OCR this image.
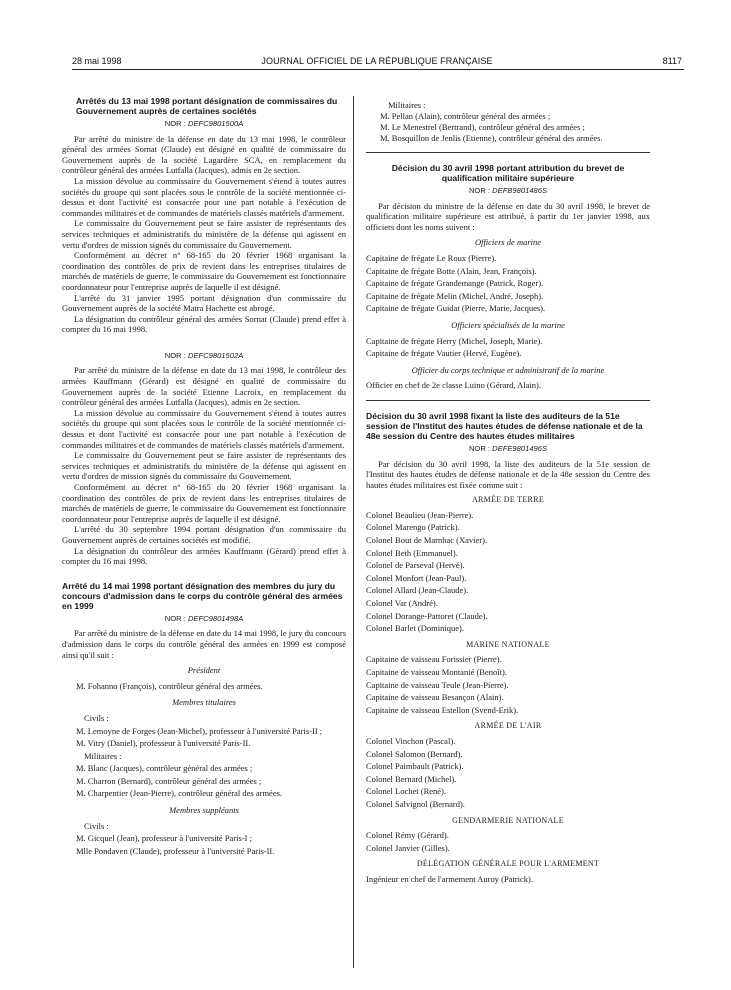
28 mai 1998	JOURNAL OFFICIEL DE LA RÉPUBLIQUE FRANÇAISE	8117
Arrêtés du 13 mai 1998 portant désignation de commissaires du Gouvernement auprès de certaines sociétés
NOR : DEFC9801500A

Par arrêté du ministre de la défense en date du 13 mai 1998, le contrôleur général des armées Sornat (Claude) est désigné en qualité de commissaire du Gouvernement auprès de la société Lagardère SCA, en remplacement du contrôleur général des armées Lutfalla (Jacques), admis en 2e section.

La mission dévolue au commissaire du Gouvernement s'étend à toutes autres sociétés du groupe qui sont placées sous le contrôle de la société mentionnée ci-dessus et dont l'activité est consacrée pour une part notable à l'exécution de commandes militaires et de commandes de matériels classés matériels d'armement.

Le commissaire du Gouvernement peut se faire assister de représentants des services techniques et administratifs du ministère de la défense qui agissent en vertu d'ordres de mission signés du commissaire du Gouvernement.

Conformément au décret n° 68-165 du 20 février 1968 organisant la coordination des contrôles de prix de revient dans les entreprises titulaires de marchés de matériels de guerre, le commissaire du Gouvernement est fonctionnaire coordonnateur pour l'entreprise auprès de laquelle il est désigné.

L'arrêté du 31 janvier 1995 portant désignation d'un commissaire du Gouvernement auprès de la société Matra Hachette est abrogé.

La désignation du contrôleur général des armées Sornat (Claude) prend effet à compter du 16 mai 1998.

NOR : DEFC9801502A

Par arrêté du ministre de la défense en date du 13 mai 1998, le contrôleur des armées Kauffmann (Gérard) est désigné en qualité de commissaire du Gouvernement auprès de la société Etienne Lacroix, en remplacement du contrôleur général des armées Lutfalla (Jacques), admis en 2e section.

La mission dévolue au commissaire du Gouvernement s'étend à toutes autres sociétés du groupe qui sont placées sous le contrôle de la société mentionnée ci-dessus et dont l'activité est consacrée pour une part notable à l'exécution de commandes militaires et de commandes de matériels classés matériels d'armement.

Le commissaire du Gouvernement peut se faire assister de représentants des services techniques et administratifs du ministère de la défense qui agissent en vertu d'ordres de mission signés du commissaire du Gouvernement.

Conformément au décret n° 68-165 du 20 février 1968 organisant la coordination des contrôles de prix de revient dans les entreprises titulaires de marchés de matériels de guerre, le commissaire du Gouvernement est fonctionnaire coordonnateur pour l'entreprise auprès de laquelle il est désigné.

L'arrêté du 30 septembre 1994 portant désignation d'un commissaire du Gouvernement auprès de certaines sociétés est modifié.

La désignation du contrôleur des armées Kauffmann (Gérard) prend effet à compter du 16 mai 1998.

Arrêté du 14 mai 1998 portant désignation des membres du jury du concours d'admission dans le corps du contrôle général des armées en 1999
NOR : DEFC9801498A

Par arrêté du ministre de la défense en date du 14 mai 1998, le jury du concours d'admission dans le corps du contrôle général des armées en 1999 est composé ainsi qu'il suit :

Président
M. Fohanno (François), contrôleur général des armées.
Membres titulaires
Civils :
M. Lemoyne de Forges (Jean-Michel), professeur à l'université Paris-II ;
M. Vitry (Daniel), professeur à l'université Paris-II.
Militaires :
M. Blanc (Jacques), contrôleur général des armées ;
M. Charron (Bernard), contrôleur général des armées ;
M. Charpentier (Jean-Pierre), contrôleur général des armées.
Membres suppléants
Civils :
M. Gicquel (Jean), professeur à l'université Paris-I ;
Mlle Pondaven (Claude), professeur à l'université Paris-II.
Militaires :
M. Pellan (Alain), contrôleur général des armées ;
M. Le Menestrel (Bertrand), contrôleur général des armées ;
M. Bosquillon de Jenlis (Etienne), contrôleur général des armées.
Décision du 30 avril 1998 portant attribution du brevet de qualification militaire supérieure
NOR : DEFB9801486S

Par décision du ministre de la défense en date du 30 avril 1998, le brevet de qualification militaire supérieure est attribué, à partir du 1er janvier 1998, aux officiers dont les noms suivent :

Officiers de marine
Capitaine de frégate Le Roux (Pierre).
Capitaine de frégate Botte (Alain, Jean, François).
Capitaine de frégate Grandemange (Patrick, Roger).
Capitaine de frégate Melin (Michel, André, Joseph).
Capitaine de frégate Guidat (Pierre, Marie, Jacques).
Officiers spécialisés de la marine
Capitaine de frégate Herry (Michel, Joseph, Marie).
Capitaine de frégate Vautier (Hervé, Eugène).
Officier du corps technique et administratif de la marine
Officier en chef de 2e classe Luino (Gérard, Alain).
Décision du 30 avril 1998 fixant la liste des auditeurs de la 51e session de l'Institut des hautes études de défense nationale et de la 48e session du Centre des hautes études militaires
NOR : DEFE9801496S

Par décision du 30 avril 1998, la liste des auditeurs de la 51e session de l'Institut des hautes études de défense nationale et de la 48e session du Centre des hautes études militaires est fixée comme suit :

ARMÉE DE TERRE
Colonel Beaulieu (Jean-Pierre).
Colonel Marengo (Patrick).
Colonel Bout de Marnhac (Xavier).
Colonel Beth (Emmanuel).
Colonel de Parseval (Hervé).
Colonel Monfort (Jean-Paul).
Colonel Allard (Jean-Claude).
Colonel Var (André).
Colonel Dorange-Pattoret (Claude).
Colonel Barlet (Dominique).
MARINE NATIONALE
Capitaine de vaisseau Forissier (Pierre).
Capitaine de vaisseau Montanié (Benoît).
Capitaine de vaisseau Teule (Jean-Pierre).
Capitaine de vaisseau Besançon (Alain).
Capitaine de vaisseau Estellon (Svend-Erik).
ARMÉE DE L'AIR
Colonel Vinchon (Pascal).
Colonel Salomon (Bernard).
Colonel Paimbault (Patrick).
Colonel Bernard (Michel).
Colonel Lochet (René).
Colonel Salvignol (Bernard).
GENDARMERIE NATIONALE
Colonel Rémy (Gérard).
Colonel Janvier (Gilles).
DÉLÉGATION GÉNÉRALE POUR L'ARMEMENT
Ingénieur en chef de l'armement Auroy (Patrick).
